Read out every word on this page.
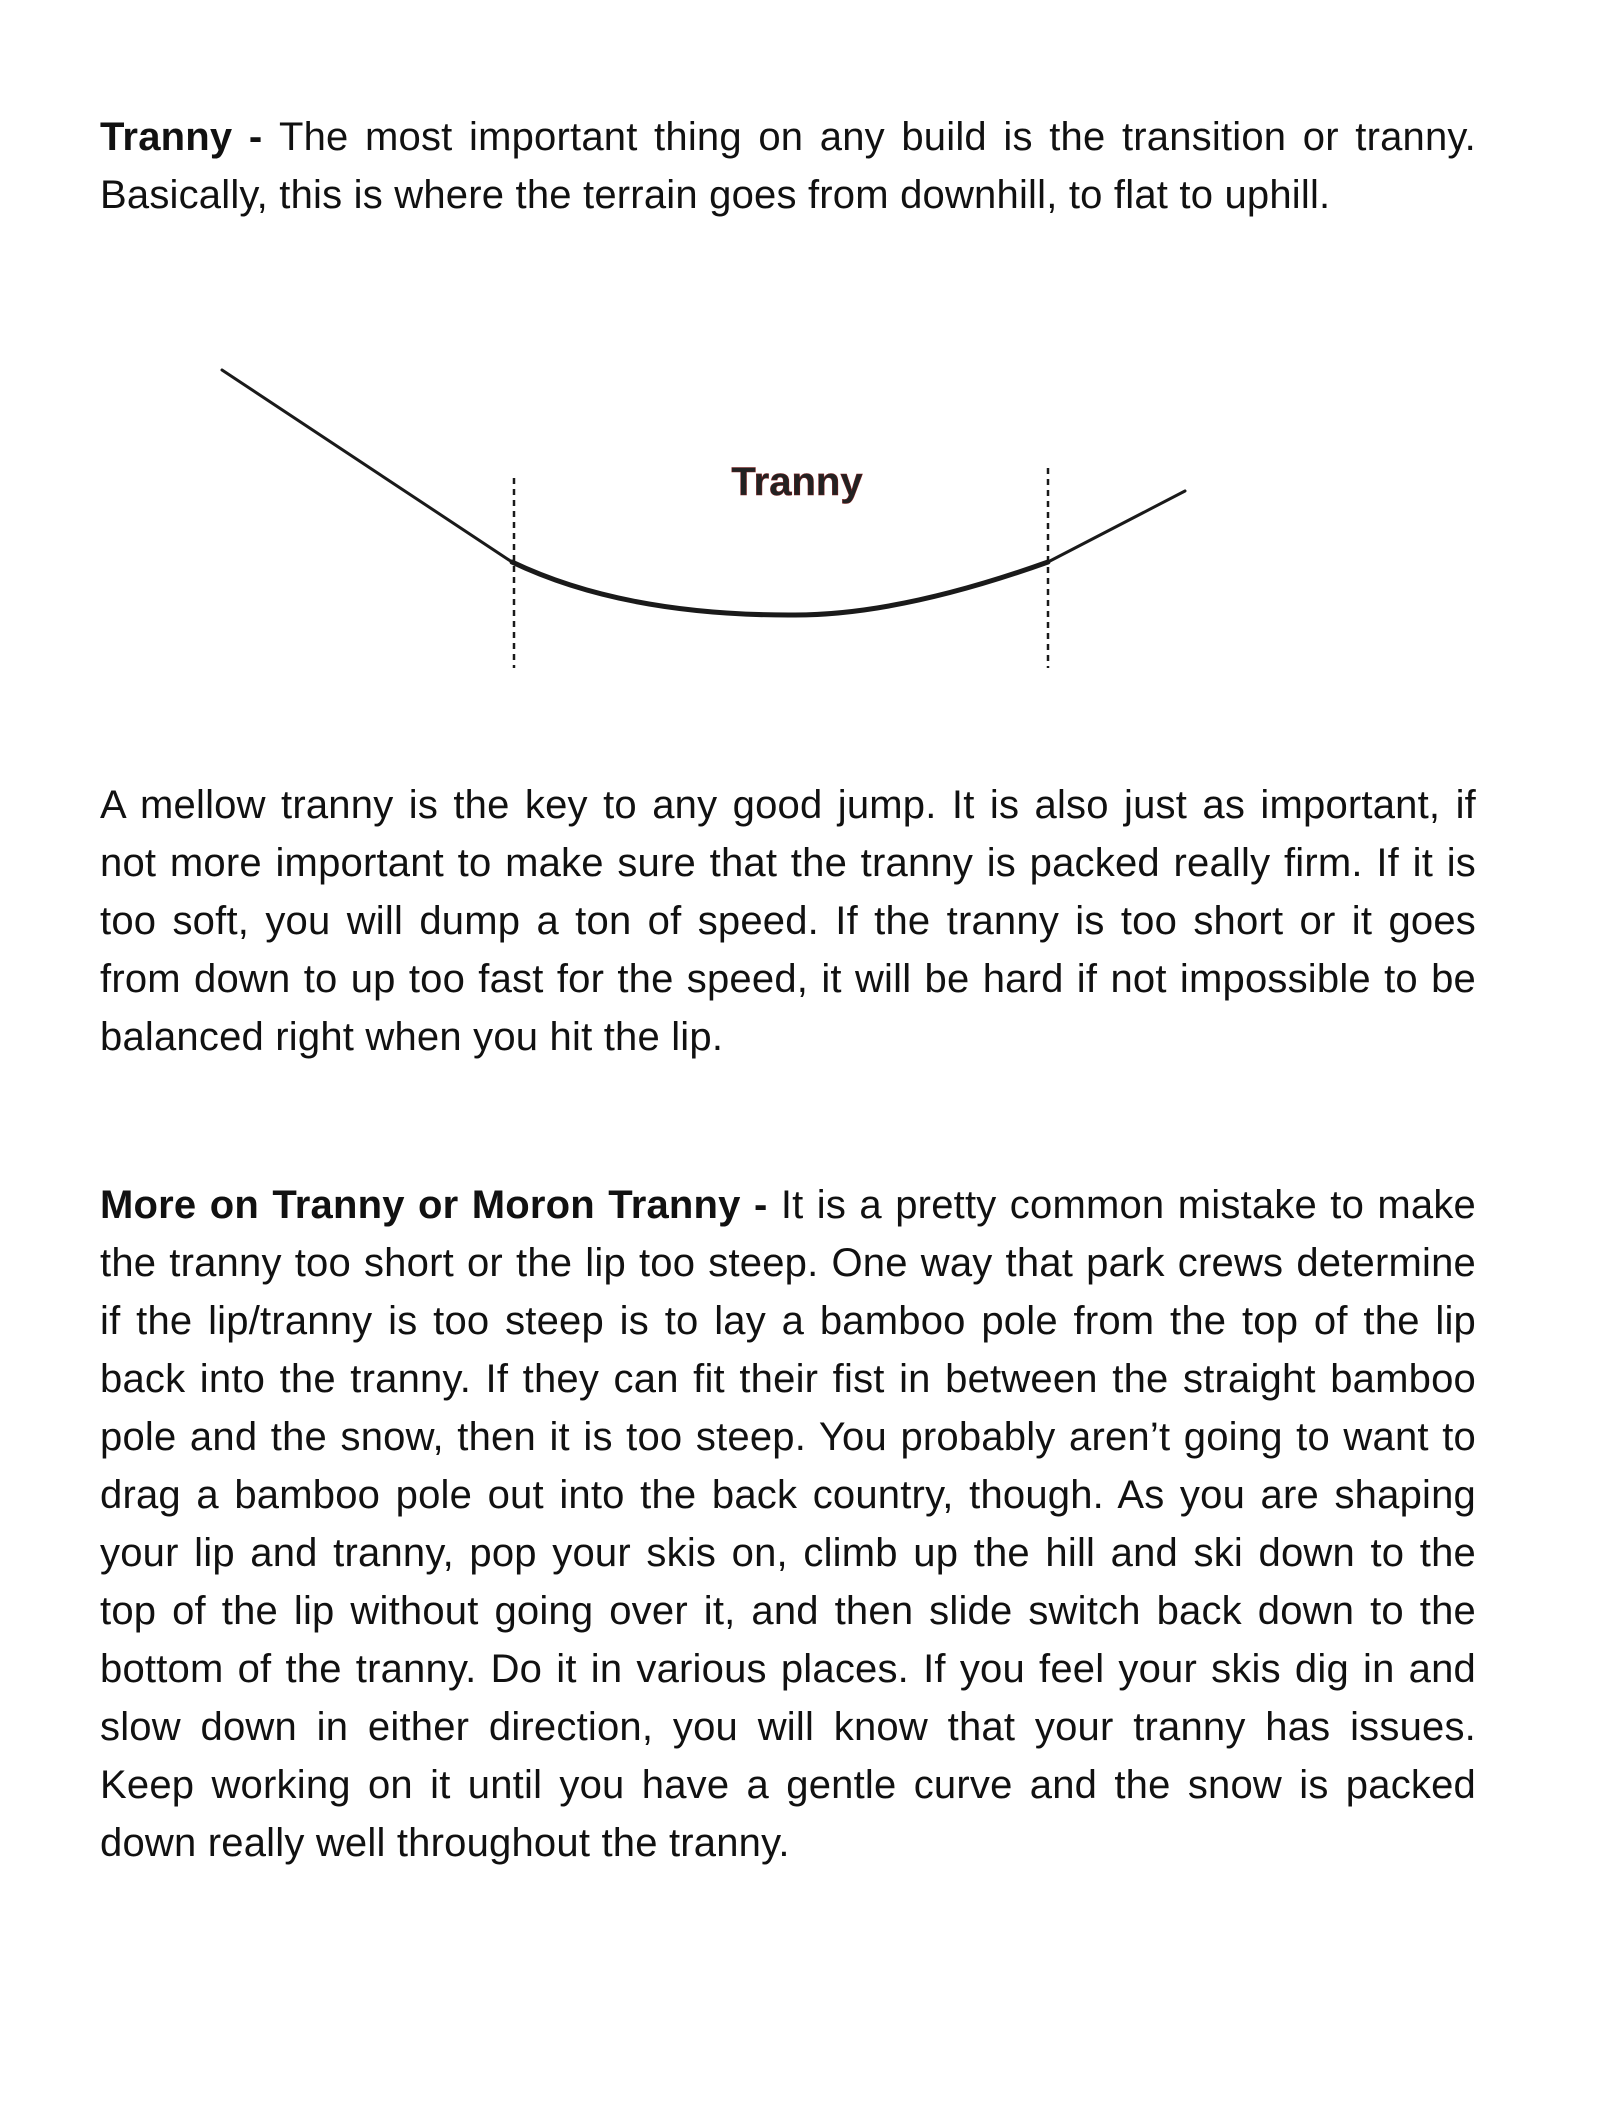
Tranny - The most important thing on any build is the transition or tranny. Basically, this is where the terrain goes from downhill, to flat to uphill.

Tranny

A mellow tranny is the key to any good jump. It is also just as important, if not more important to make sure that the tranny is packed really firm. If it is too soft, you will dump a ton of speed. If the tranny is too short or it goes from down to up too fast for the speed, it will be hard if not impossible to be balanced right when you hit the lip.

More on Tranny or Moron Tranny - It is a pretty common mistake to make the tranny too short or the lip too steep. One way that park crews determine if the lip/tranny is too steep is to lay a bamboo pole from the top of the lip back into the tranny. If they can fit their fist in between the straight bamboo pole and the snow, then it is too steep. You probably aren’t going to want to drag a bamboo pole out into the back country, though. As you are shaping your lip and tranny, pop your skis on, climb up the hill and ski down to the top of the lip without going over it, and then slide switch back down to the bottom of the tranny. Do it in various places. If you feel your skis dig in and slow down in either direction, you will know that your tranny has issues. Keep working on it until you have a gentle curve and the snow is packed down really well throughout the tranny.
